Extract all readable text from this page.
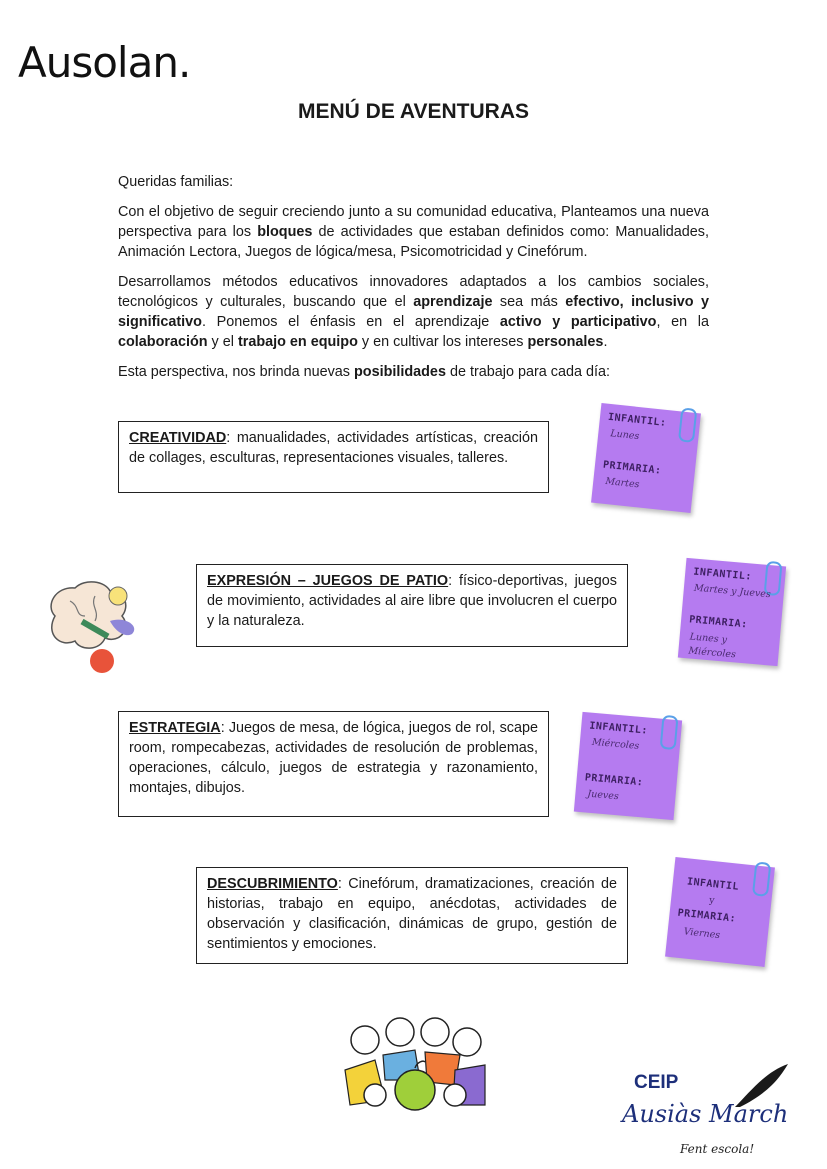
Ausolan.
MENÚ DE AVENTURAS

Queridas familias:

Con el objetivo de seguir creciendo junto a su comunidad educativa, Planteamos una nueva perspectiva para los bloques de actividades que estaban definidos como: Manualidades, Animación Lectora, Juegos de lógica/mesa, Psicomotricidad y Cinefórum.

Desarrollamos métodos educativos innovadores adaptados a los cambios sociales, tecnológicos y culturales, buscando que el aprendizaje sea más efectivo, inclusivo y significativo. Ponemos el énfasis en el aprendizaje activo y participativo, en la colaboración y el trabajo en equipo y en cultivar los intereses personales.

Esta perspectiva, nos brinda nuevas posibilidades de trabajo para cada día:

CREATIVIDAD: manualidades, actividades artísticas, creación de collages, esculturas, representaciones visuales, talleres.
EXPRESIÓN – JUEGOS DE PATIO: físico-deportivas, juegos de movimiento, actividades al aire libre que involucren el cuerpo y la naturaleza.
ESTRATEGIA: Juegos de mesa, de lógica, juegos de rol, scape room, rompecabezas, actividades de resolución de problemas, operaciones, cálculo, juegos de estrategia y razonamiento, montajes, dibujos.
DESCUBRIMIENTO: Cinefórum, dramatizaciones, creación de historias, trabajo en equipo, anécdotas, actividades de observación y clasificación, dinámicas de grupo, gestión de sentimientos y emociones.
INFANTIL:
Lunes
PRIMARIA:
Martes
INFANTIL:
Martes y Jueves
PRIMARIA:
Lunes y Miércoles
INFANTIL:
Miércoles
PRIMARIA:
Jueves
INFANTIL
y
PRIMARIA:
Viernes
CEIP
Ausiàs March
Fent escola!
